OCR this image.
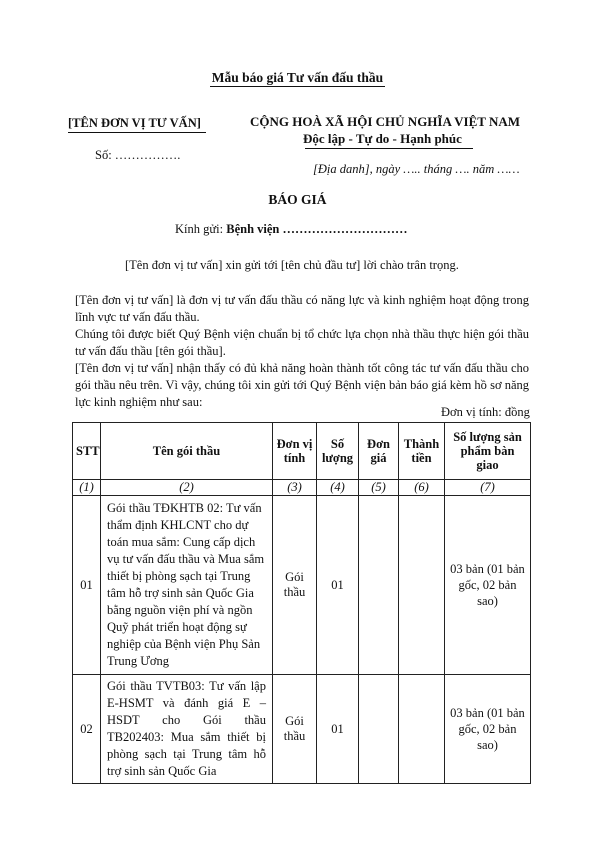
Mẫu báo giá Tư vấn đấu thầu
[TÊN ĐƠN VỊ TƯ VẤN]
Số: …………….
CỘNG HOÀ XÃ HỘI CHỦ NGHĨA VIỆT NAM
Độc lập - Tự do - Hạnh phúc
[Địa danh], ngày ….. tháng …. năm ……
BÁO GIÁ
Kính gửi: Bệnh viện …………………………
[Tên đơn vị tư vấn] xin gửi tới [tên chủ đầu tư] lời chào trân trọng.
[Tên đơn vị tư vấn] là đơn vị tư vấn đấu thầu có năng lực và kinh nghiệm hoạt động trong lĩnh vực tư vấn đấu thầu.
Chúng tôi được biết Quý Bệnh viện chuẩn bị tổ chức lựa chọn nhà thầu thực hiện gói thầu tư vấn đấu thầu [tên gói thầu].
[Tên đơn vị tư vấn] nhận thấy có đủ khả năng hoàn thành tốt công tác tư vấn đấu thầu cho gói thầu nêu trên. Vì vậy, chúng tôi xin gửi tới Quý Bệnh viện bản báo giá kèm hồ sơ năng lực kinh nghiệm như sau:
Đơn vị tính: đồng
STT	Tên gói thầu	Đơn vị tính	Số lượng	Đơn giá	Thành tiền	Số lượng sản phẩm bàn giao
(1)	(2)	(3)	(4)	(5)	(6)	(7)
01	Gói thầu TĐKHTB 02: Tư vấn thẩm định KHLCNT cho dự toán mua sắm: Cung cấp dịch vụ tư vấn đấu thầu và Mua sắm thiết bị phòng sạch tại Trung tâm hỗ trợ sinh sản Quốc Gia bằng nguồn viện phí và ngồn Quỹ phát triển hoạt động sự nghiệp của Bệnh viện Phụ Sản Trung Ương	Gói thầu	01			03 bản (01 bản gốc, 02 bản sao)
02	Gói thầu TVTB03: Tư vấn lập E-HSMT và đánh giá E – HSDT cho Gói thầu TB202403: Mua sắm thiết bị phòng sạch tại Trung tâm hỗ trợ sinh sản Quốc Gia	Gói thầu	01			03 bản (01 bản gốc, 02 bản sao)
